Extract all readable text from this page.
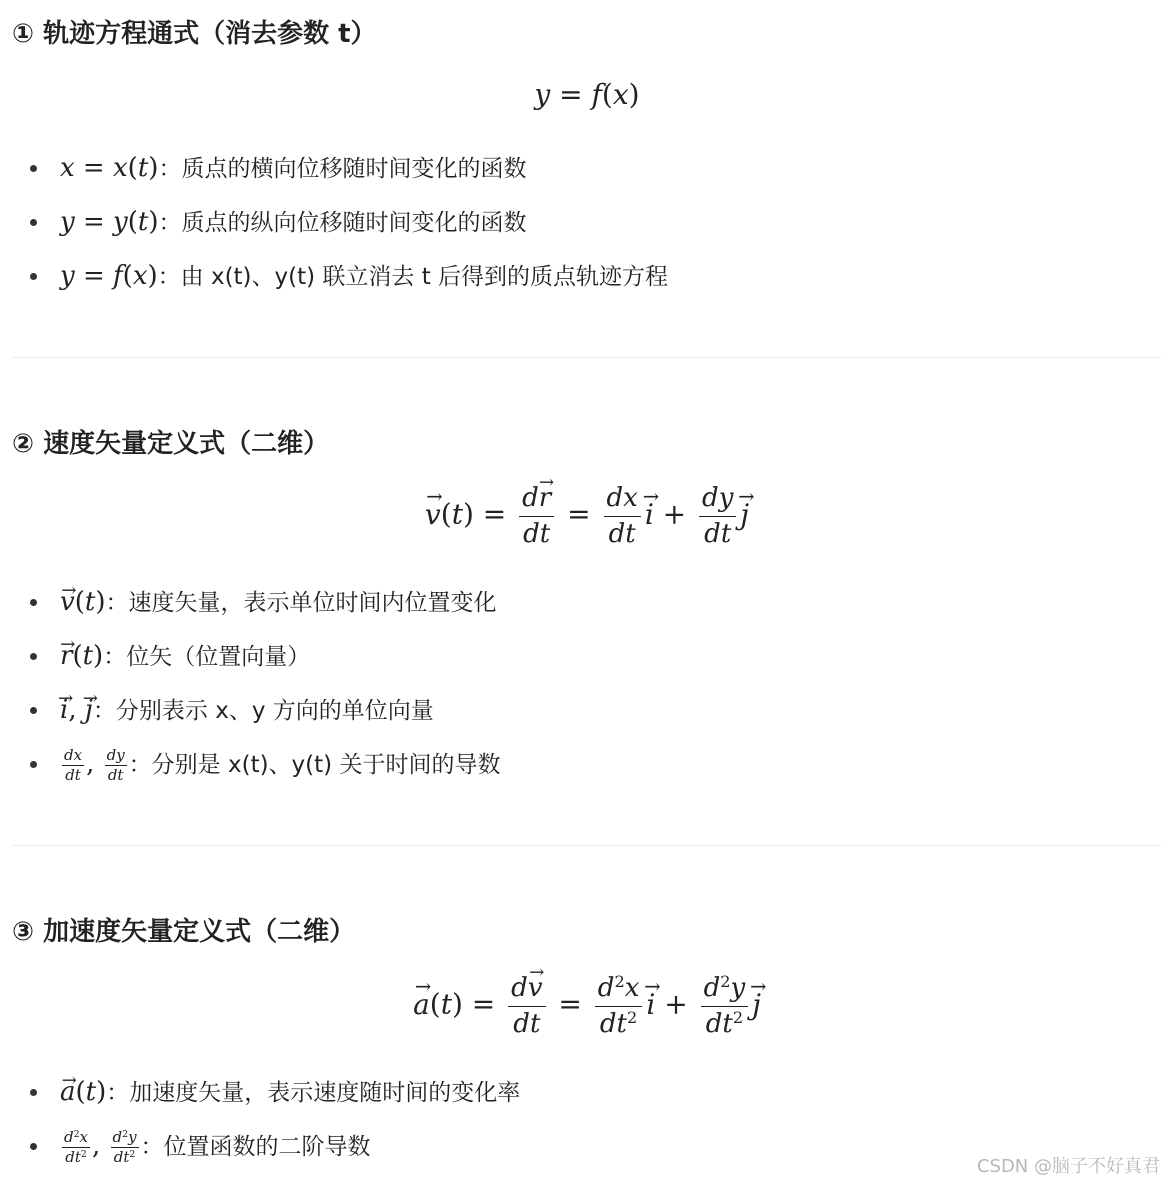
① 轨迹方程通式（消去参数 t）
y = f(x)
x = x(t)：质点的横向位移随时间变化的函数
y = y(t)：质点的纵向位移随时间变化的函数
y = f(x)：由 x(t)、y(t) 联立消去 t 后得到的质点轨迹方程
② 速度矢量定义式（二维）
→ $v(t) = \frac{d\to r}{dt} = \frac{dx}{dt}$
→ $i + \frac{dy}{dt}$
→ j
→ v(t)：速度矢量，表示单位时间内位置变化
→ r(t)：位矢（位置向量）
→ i, → j：分别表示 x、y 方向的单位向量
$\frac{dx}{dt}$ , $\frac{dy}{dt}$ ：分别是 x(t)、y(t) 关于时间的导数
③ 加速度矢量定义式（二维）
→ $a(t) = \frac{d\to v}{dt} = \frac{d^2x}{dt^2}$
→ $i + \frac{d^2y}{dt^2}$
→ j
→ a(t)：加速度矢量，表示速度随时间的变化率
$\frac{d^2x}{dt^2}$ , $\frac{d^2y}{dt^2}$ ：位置函数的二阶导数
CSDN @脑子不好真君
